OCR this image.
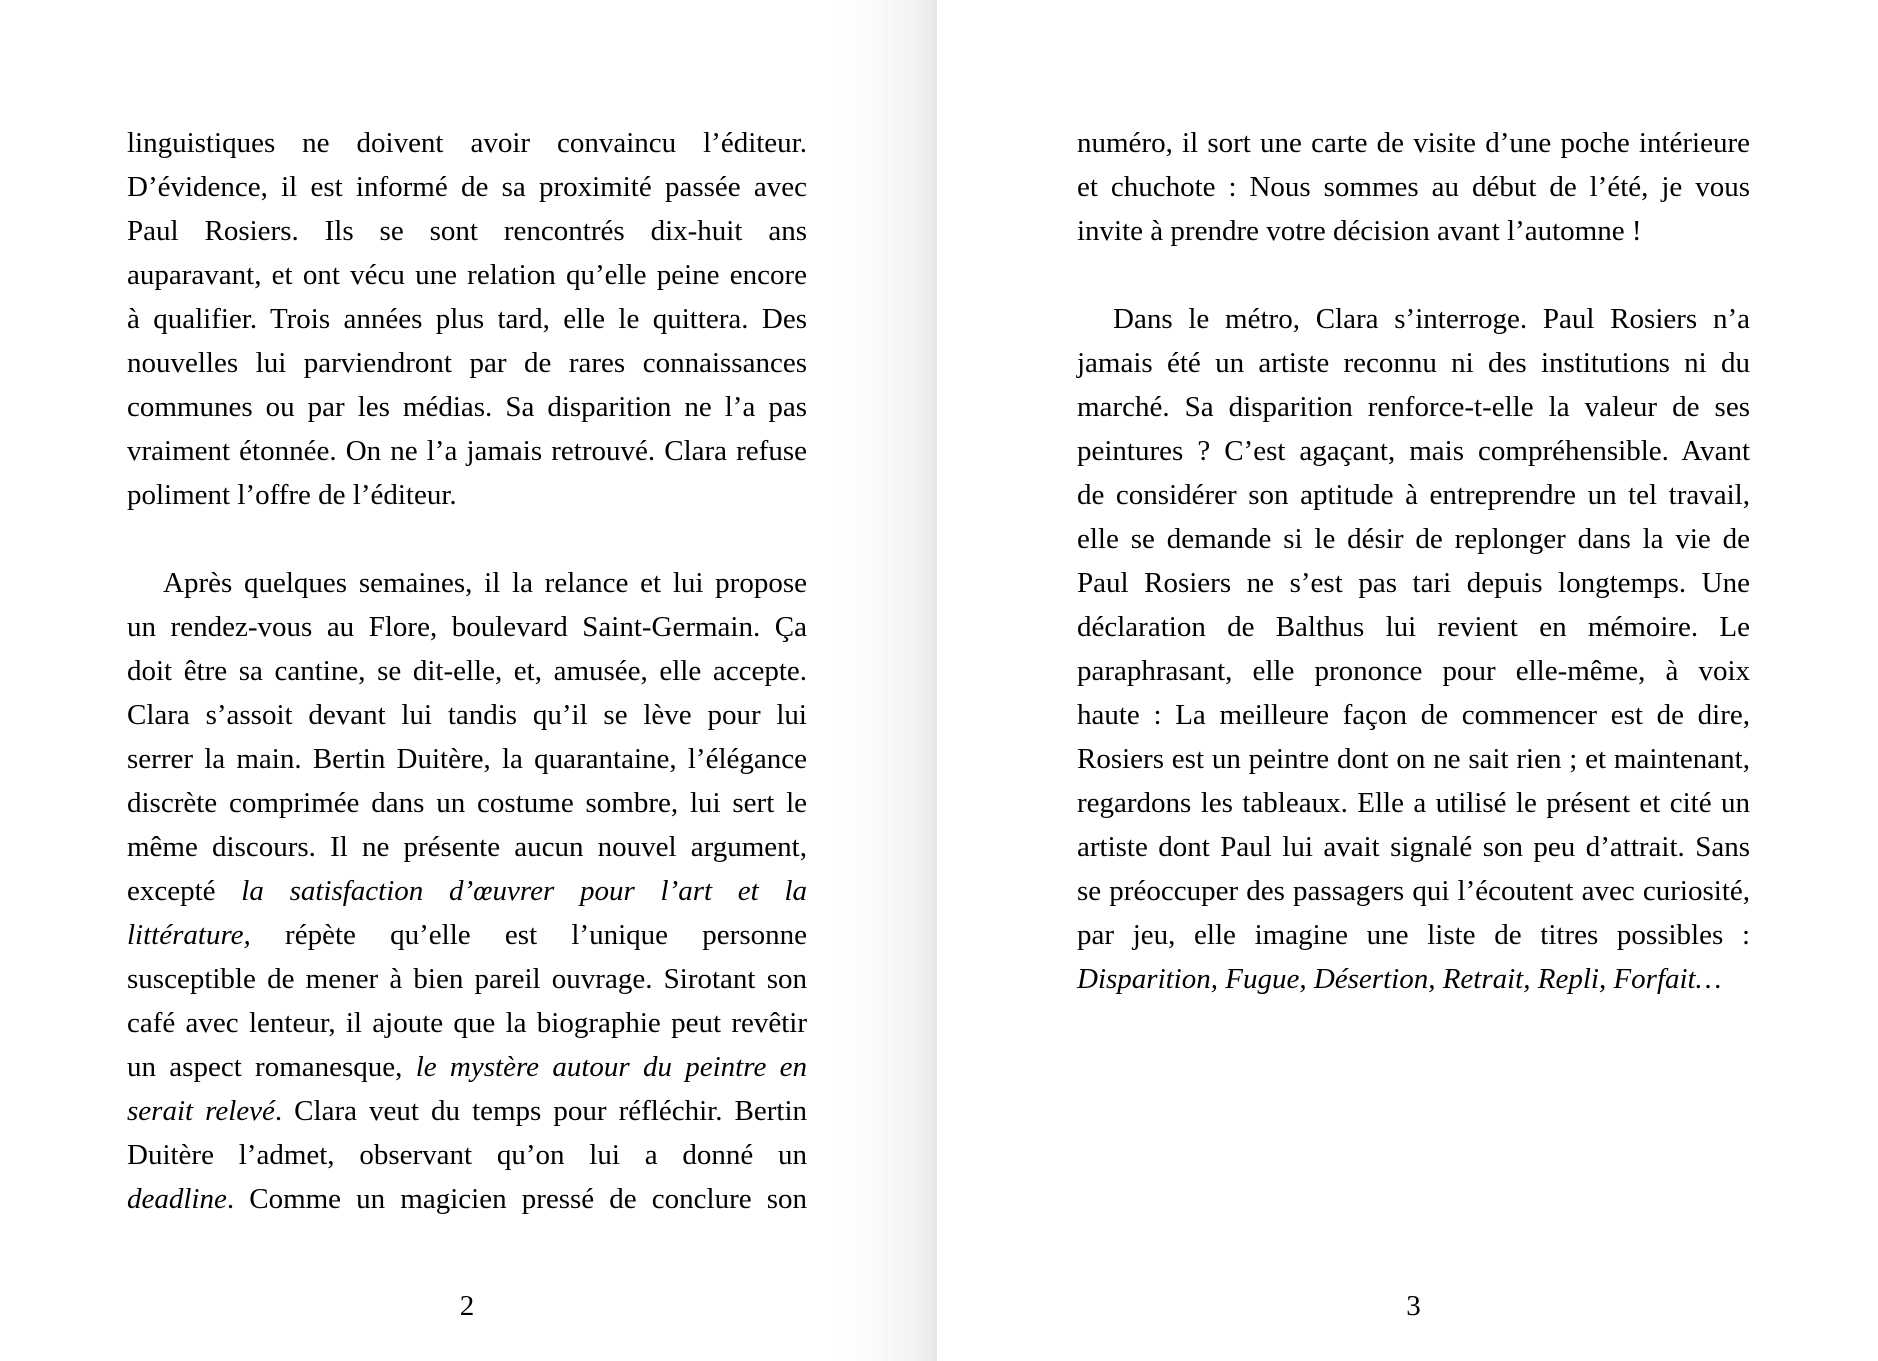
linguistiques ne doivent avoir convaincu l’éditeur.
D’évidence, il est informé de sa proximité passée avec
Paul Rosiers. Ils se sont rencontrés dix-huit ans
auparavant, et ont vécu une relation qu’elle peine encore
à qualifier. Trois années plus tard, elle le quittera. Des
nouvelles lui parviendront par de rares connaissances
communes ou par les médias. Sa disparition ne l’a pas
vraiment étonnée. On ne l’a jamais retrouvé. Clara refuse
poliment l’offre de l’éditeur.
Après quelques semaines, il la relance et lui propose
un rendez-vous au Flore, boulevard Saint-Germain. Ça
doit être sa cantine, se dit-elle, et, amusée, elle accepte.
Clara s’assoit devant lui tandis qu’il se lève pour lui
serrer la main. Bertin Duitère, la quarantaine, l’élégance
discrète comprimée dans un costume sombre, lui sert le
même discours. Il ne présente aucun nouvel argument,
excepté la satisfaction d’œuvrer pour l’art et la
littérature, répète qu’elle est l’unique personne
susceptible de mener à bien pareil ouvrage. Sirotant son
café avec lenteur, il ajoute que la biographie peut revêtir
un aspect romanesque, le mystère autour du peintre en
serait relevé. Clara veut du temps pour réfléchir. Bertin
Duitère l’admet, observant qu’on lui a donné un
deadline. Comme un magicien pressé de conclure son
numéro, il sort une carte de visite d’une poche intérieure
et chuchote : Nous sommes au début de l’été, je vous
invite à prendre votre décision avant l’automne !
Dans le métro, Clara s’interroge. Paul Rosiers n’a
jamais été un artiste reconnu ni des institutions ni du
marché. Sa disparition renforce-t-elle la valeur de ses
peintures ? C’est agaçant, mais compréhensible. Avant
de considérer son aptitude à entreprendre un tel travail,
elle se demande si le désir de replonger dans la vie de
Paul Rosiers ne s’est pas tari depuis longtemps. Une
déclaration de Balthus lui revient en mémoire. Le
paraphrasant, elle prononce pour elle-même, à voix
haute : La meilleure façon de commencer est de dire,
Rosiers est un peintre dont on ne sait rien ; et maintenant,
regardons les tableaux. Elle a utilisé le présent et cité un
artiste dont Paul lui avait signalé son peu d’attrait. Sans
se préoccuper des passagers qui l’écoutent avec curiosité,
par jeu, elle imagine une liste de titres possibles :
Disparition, Fugue, Désertion, Retrait, Repli, Forfait…
2	3
